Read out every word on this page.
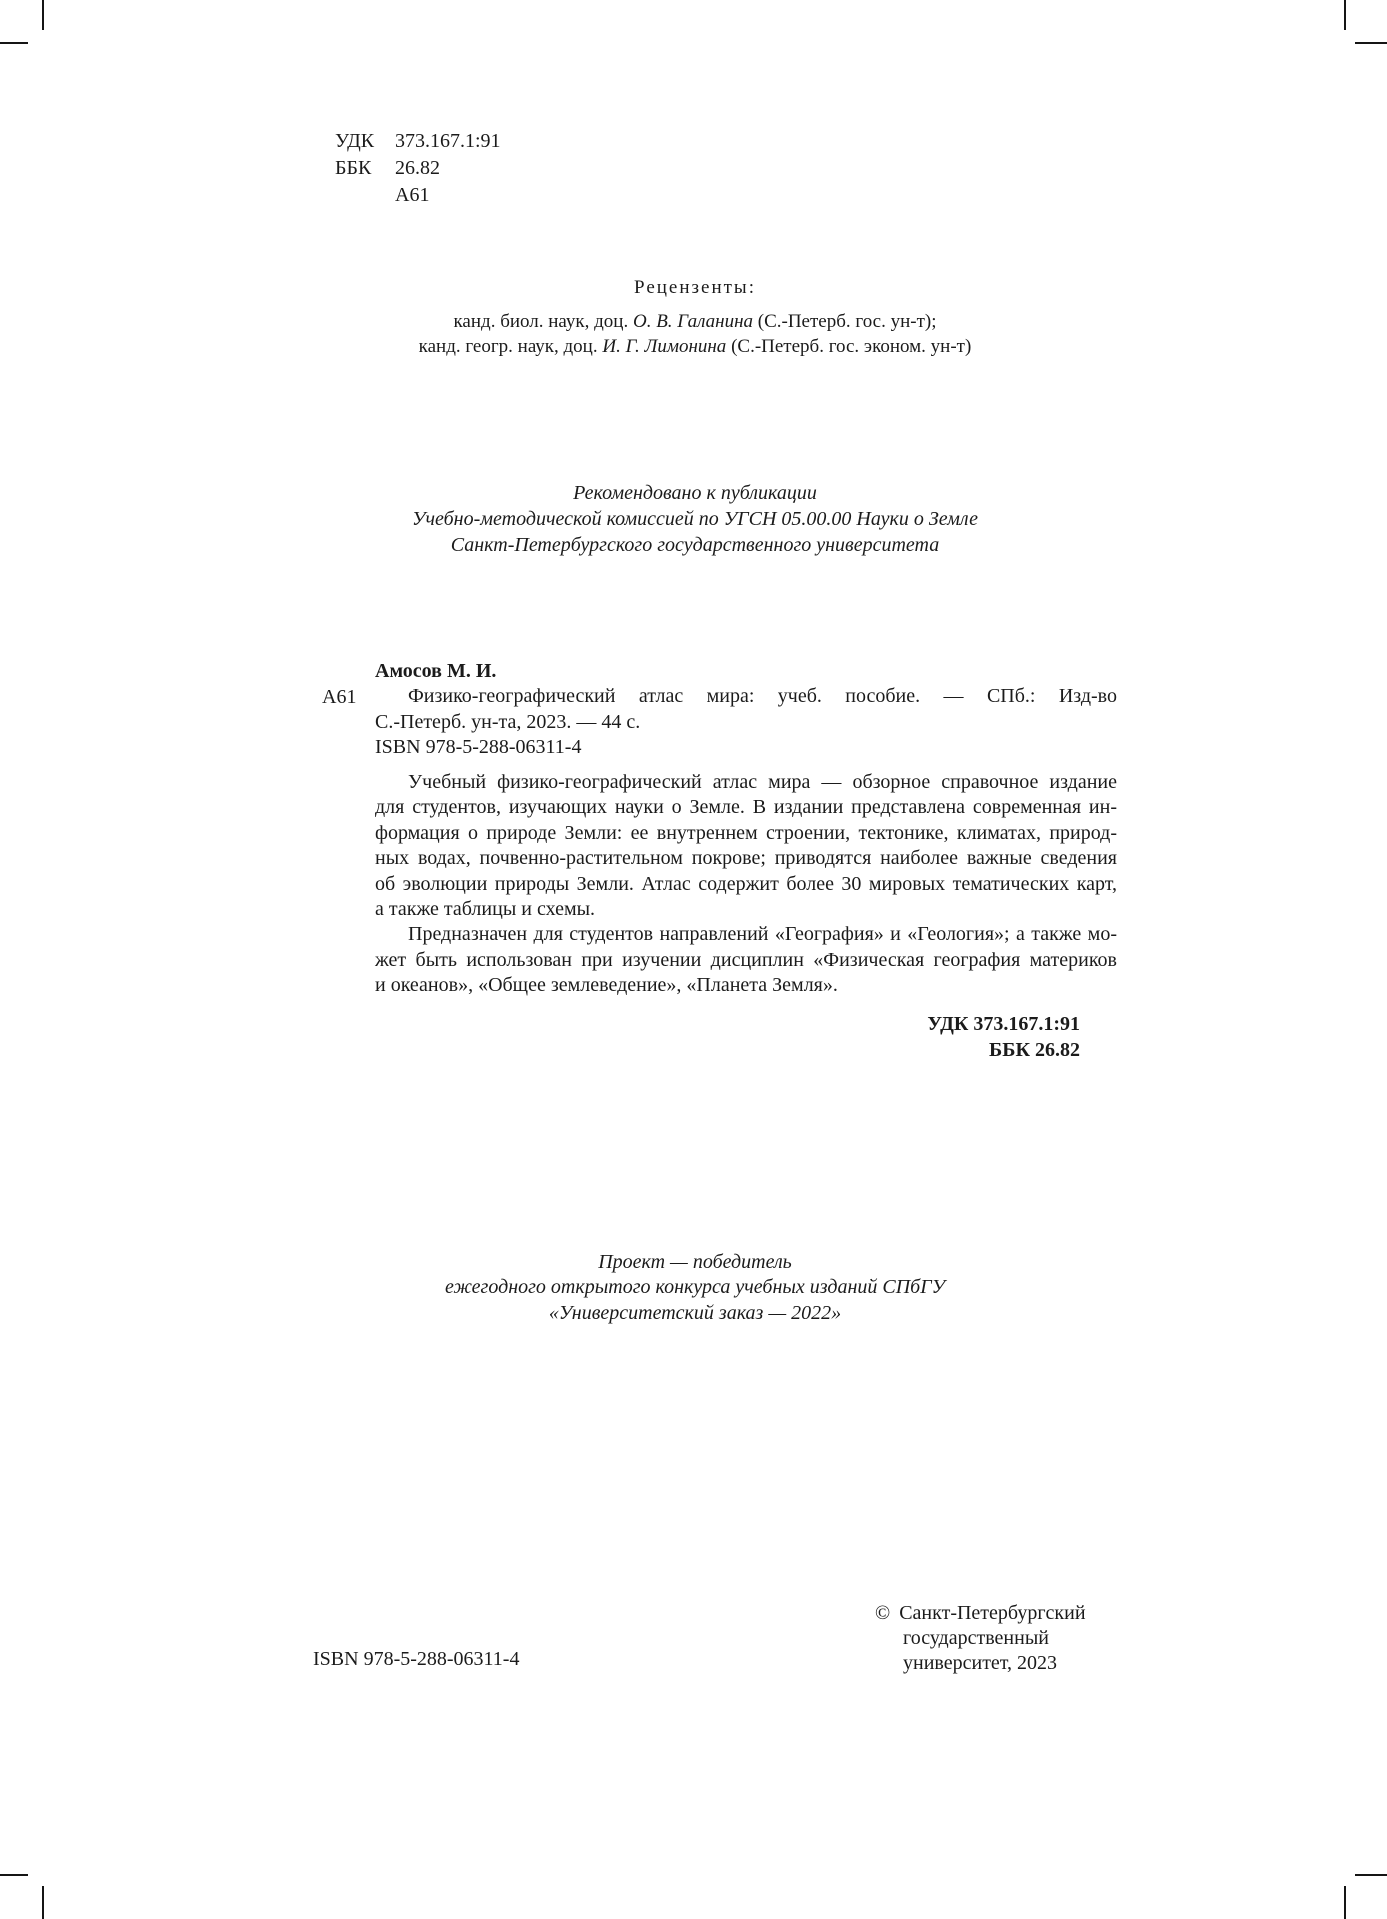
УДК	373.167.1:91
ББК	26.82
А61
Рецензенты:
канд. биол. наук, доц. О. В. Галанина (С.-Петерб. гос. ун-т);
канд. геогр. наук, доц. И. Г. Лимонина (С.-Петерб. гос. эконом. ун-т)
Рекомендовано к публикации
Учебно-методической комиссией по УГСН 05.00.00 Науки о Земле
Санкт-Петербургского государственного университета
А61
Амосов М. И.
Физико-географический атлас мира: учеб. пособие. — СПб.: Изд-во
С.-Петерб. ун-та, 2023. — 44 с.
ISBN 978-5-288-06311-4
Учебный физико-географический атлас мира — обзорное справочное издание
для студентов, изучающих науки о Земле. В издании представлена современная ин-
формация о природе Земли: ее внутреннем строении, тектонике, климатах, природ-
ных водах, почвенно-растительном покрове; приводятся наиболее важные сведения
об эволюции природы Земли. Атлас содержит более 30 мировых тематических карт,
а также таблицы и схемы.
Предназначен для студентов направлений «География» и «Геология»; а также мо-
жет быть использован при изучении дисциплин «Физическая география материков
и океанов», «Общее землеведение», «Планета Земля».
УДК 373.167.1:91
ББК 26.82
Проект — победитель
ежегодного открытого конкурса учебных изданий СПбГУ
«Университетский заказ — 2022»
ISBN 978-5-288-06311-4
© Санкт-Петербургский
государственный
университет, 2023
